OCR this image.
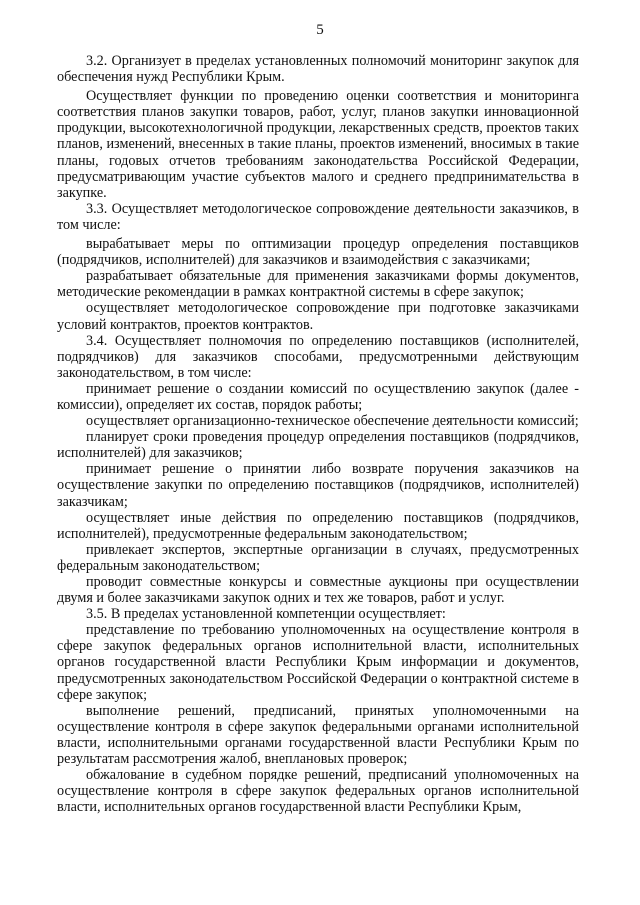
5

3.2. Организует в пределах установленных полномочий мониторинг закупок для обеспечения нужд Республики Крым.

Осуществляет функции по проведению оценки соответствия и мониторинга соответствия планов закупки товаров, работ, услуг, планов закупки инновационной продукции, высокотехнологичной продукции, лекарственных средств, проектов таких планов, изменений, внесенных в такие планы, проектов изменений, вносимых в такие планы, годовых отчетов требованиям законодательства Российской Федерации, предусматривающим участие субъектов малого и среднего предпринимательства в закупке.

3.3. Осуществляет методологическое сопровождение деятельности заказчиков, в том числе:

вырабатывает меры по оптимизации процедур определения поставщиков (подрядчиков, исполнителей) для заказчиков и взаимодействия с заказчиками;

разрабатывает обязательные для применения заказчиками формы документов, методические рекомендации в рамках контрактной системы в сфере закупок;

осуществляет методологическое сопровождение при подготовке заказчиками условий контрактов, проектов контрактов.

3.4. Осуществляет полномочия по определению поставщиков (исполнителей, подрядчиков) для заказчиков способами, предусмотренными действующим законодательством, в том числе:

принимает решение о создании комиссий по осуществлению закупок (далее - комиссии), определяет их состав, порядок работы;

осуществляет организационно-техническое обеспечение деятельности комиссий;

планирует сроки проведения процедур определения поставщиков (подрядчиков, исполнителей) для заказчиков;

принимает решение о принятии либо возврате поручения заказчиков на осуществление закупки по определению поставщиков (подрядчиков, исполнителей) заказчикам;

осуществляет иные действия по определению поставщиков (подрядчиков, исполнителей), предусмотренные федеральным законодательством;

привлекает экспертов, экспертные организации в случаях, предусмотренных федеральным законодательством;

проводит совместные конкурсы и совместные аукционы при осуществлении двумя и более заказчиками закупок одних и тех же товаров, работ и услуг.

3.5. В пределах установленной компетенции осуществляет:

представление по требованию уполномоченных на осуществление контроля в сфере закупок федеральных органов исполнительной власти, исполнительных органов государственной власти Республики Крым информации и документов, предусмотренных законодательством Российской Федерации о контрактной системе в сфере закупок;

выполнение решений, предписаний, принятых уполномоченными на осуществление контроля в сфере закупок федеральными органами исполнительной власти, исполнительными органами государственной власти Республики Крым по результатам рассмотрения жалоб, внеплановых проверок;

обжалование в судебном порядке решений, предписаний уполномоченных на осуществление контроля в сфере закупок федеральных органов исполнительной власти, исполнительных органов государственной власти Республики Крым,
